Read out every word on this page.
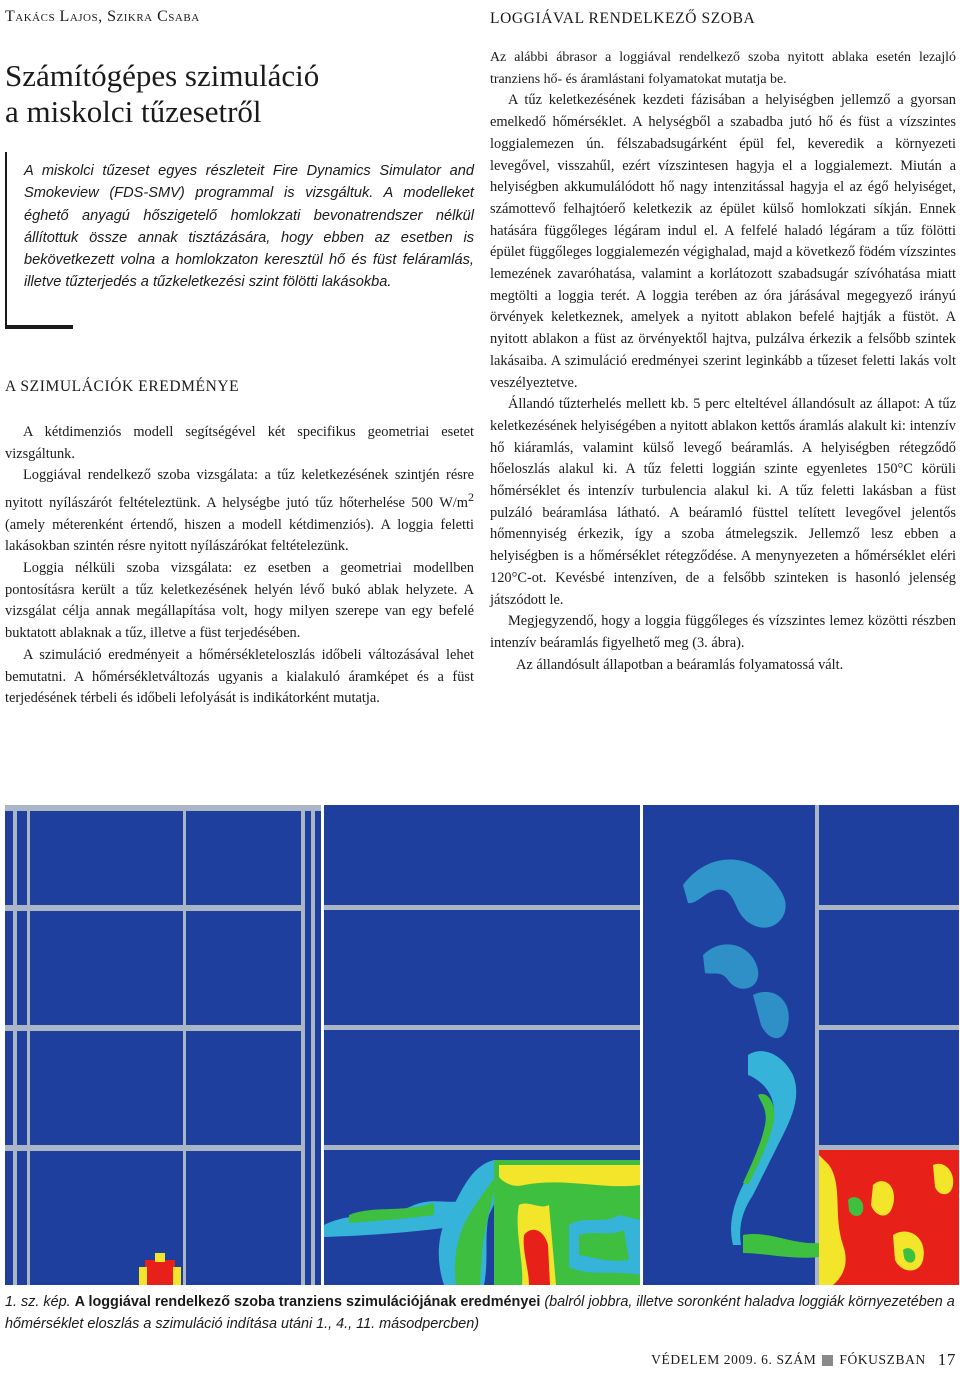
Takács Lajos, Szikra Csaba
Számítógépes szimuláció
a miskolci tűzesetről

A miskolci tűzeset egyes részleteit Fire Dynamics Simulator and Smokeview (FDS-SMV) programmal is vizsgáltuk. A modelleket éghető anyagú hőszigetelő homlokzati bevonatrendszer nélkül állítottuk össze annak tisztázására, hogy ebben az esetben is bekövetkezett volna a homlokzaton keresztül hő és füst feláramlás, illetve tűzterjedés a tűzkeletkezési szint fölötti lakásokba.

A SZIMULÁCIÓK EREDMÉNYE

A kétdimenziós modell segítségével két specifikus geometriai esetet vizsgáltunk.

Loggiával rendelkező szoba vizsgálata: a tűz keletkezésének szintjén résre nyitott nyílászárót feltételeztünk. A helységbe jutó tűz hőterhelése 500 $W/m^2$ (amely méterenként értendő, hiszen a modell kétdimenziós). A loggia feletti lakásokban szintén résre nyitott nyílászárókat feltételezünk.

Loggia nélküli szoba vizsgálata: ez esetben a geometriai modellben pontosításra került a tűz keletkezésének helyén lévő bukó ablak helyzete. A vizsgálat célja annak megállapítása volt, hogy milyen szerepe van egy befelé buktatott ablaknak a tűz, illetve a füst terjedésében.

A szimuláció eredményeit a hőmérsékleteloszlás időbeli változásával lehet bemutatni. A hőmérsékletváltozás ugyanis a kialakuló áramképet és a füst terjedésének térbeli és időbeli lefolyását is indikátorként mutatja.

LOGGIÁVAL RENDELKEZŐ SZOBA

Az alábbi ábrasor a loggiával rendelkező szoba nyitott ablaka esetén lezajló tranziens hő- és áramlástani folyamatokat mutatja be.

A tűz keletkezésének kezdeti fázisában a helyiségben jellemző a gyorsan emelkedő hőmérséklet. A helységből a szabadba jutó hő és füst a vízszintes loggialemezen ún. félszabadsugárként épül fel, keveredik a környezeti levegővel, visszahűl, ezért vízszintesen hagyja el a loggialemezt. Miután a helyiségben akkumulálódott hő nagy intenzitással hagyja el az égő helyiséget, számottevő felhajtóerő keletkezik az épület külső homlokzati síkján. Ennek hatására függőleges légáram indul el. A felfelé haladó légáram a tűz fölötti épület függőleges loggialemezén végighalad, majd a következő födém vízszintes lemezének zavaróhatása, valamint a korlátozott szabadsugár szívóhatása miatt megtölti a loggia terét. A loggia terében az óra járásával megegyező irányú örvények keletkeznek, amelyek a nyitott ablakon befelé hajtják a füstöt. A nyitott ablakon a füst az örvényektől hajtva, pulzálva érkezik a felsőbb szintek lakásaiba. A szimuláció eredményei szerint leginkább a tűzeset feletti lakás volt veszélyeztetve.

Állandó tűzterhelés mellett kb. 5 perc elteltével állandósult az állapot: A tűz keletkezésének helyiségében a nyitott ablakon kettős áramlás alakult ki: intenzív hő kiáramlás, valamint külső levegő beáramlás. A helyiségben rétegződő hőeloszlás alakul ki. A tűz feletti loggián szinte egyenletes 150°C körüli hőmérséklet és intenzív turbulencia alakul ki. A tűz feletti lakásban a füst pulzáló beáramlása látható. A beáramló füsttel telített levegővel jelentős hőmennyiség érkezik, így a szoba átmelegszik. Jellemző lesz ebben a helyiségben is a hőmérséklet rétegződése. A menynyezeten a hőmérséklet eléri 120°C-ot. Kevésbé intenzíven, de a felsőbb szinteken is hasonló jelenség játszódott le.

Megjegyzendő, hogy a loggia függőleges és vízszintes lemez közötti részben intenzív beáramlás figyelhető meg (3. ábra).

Az állandósult állapotban a beáramlás folyamatossá vált.

1. sz. kép. A loggiával rendelkező szoba tranziens szimulációjának eredményei (balról jobbra, illetve soronként haladva loggiák környezetében a hőmérséklet eloszlás a szimuláció indítása utáni 1., 4., 11. másodpercben)

VÉDELEM 2009. 6. SZÁM FÓKUSZBAN 17
